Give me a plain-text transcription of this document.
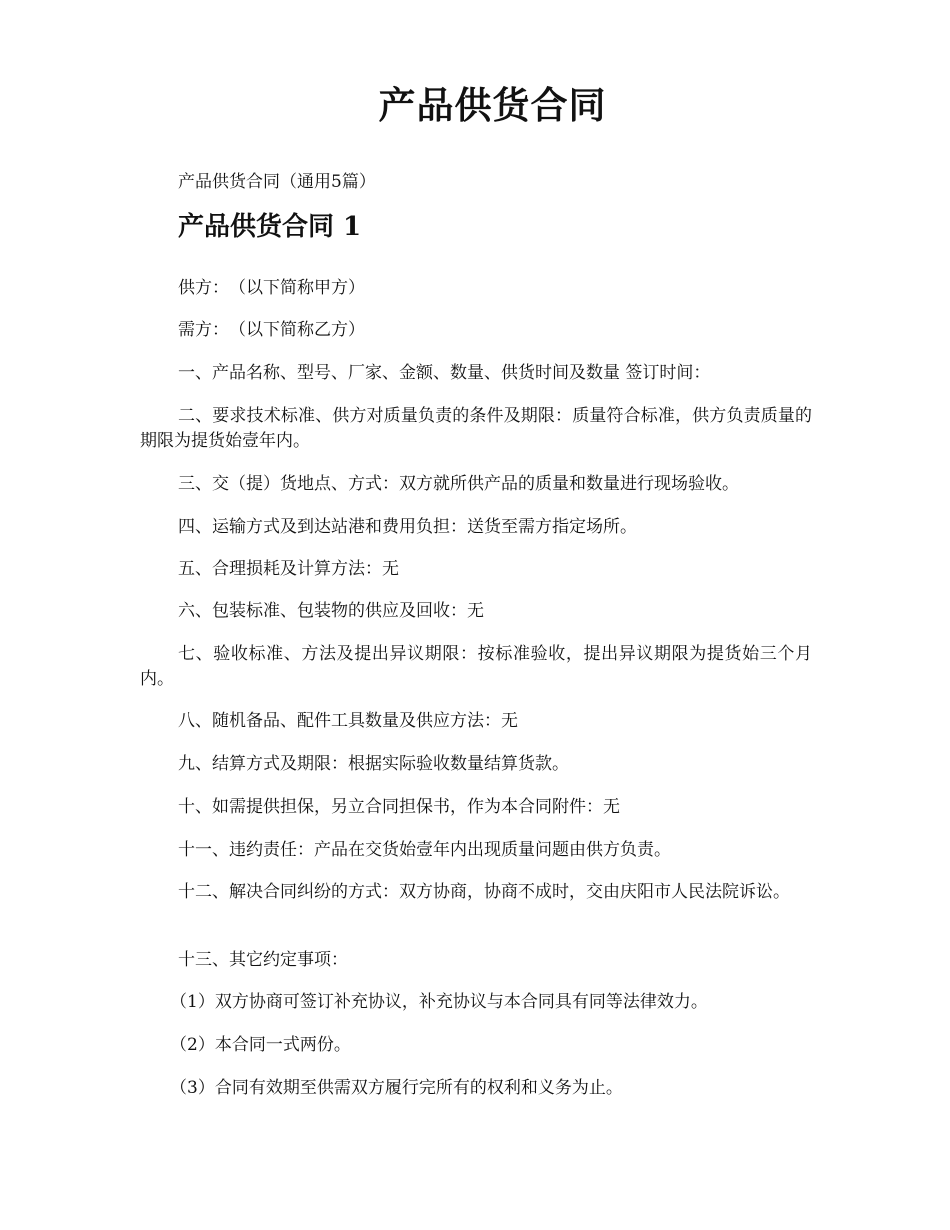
产品供货合同

产品供货合同（通用5篇）

产品供货合同 1

供方：　（以下简称甲方）

需方：　（以下简称乙方）

一、产品名称、型号、厂家、金额、数量、供货时间及数量 签订时间：

二、要求技术标准、供方对质量负责的条件及期限：质量符合标准，供方负责质量的期限为提货始壹年内。

三、交（提）货地点、方式：双方就所供产品的质量和数量进行现场验收。

四、运输方式及到达站港和费用负担：送货至需方指定场所。

五、合理损耗及计算方法：无

六、包装标准、包装物的供应及回收：无

七、验收标准、方法及提出异议期限：按标准验收，提出异议期限为提货始三个月内。

八、随机备品、配件工具数量及供应方法：无

九、结算方式及期限：根据实际验收数量结算货款。

十、如需提供担保，另立合同担保书，作为本合同附件：无

十一、违约责任：产品在交货始壹年内出现质量问题由供方负责。

十二、解决合同纠纷的方式：双方协商，协商不成时，交由庆阳市人民法院诉讼。

十三、其它约定事项：

（1）双方协商可签订补充协议，补充协议与本合同具有同等法律效力。

（2）本合同一式两份。

（3）合同有效期至供需双方履行完所有的权利和义务为止。
